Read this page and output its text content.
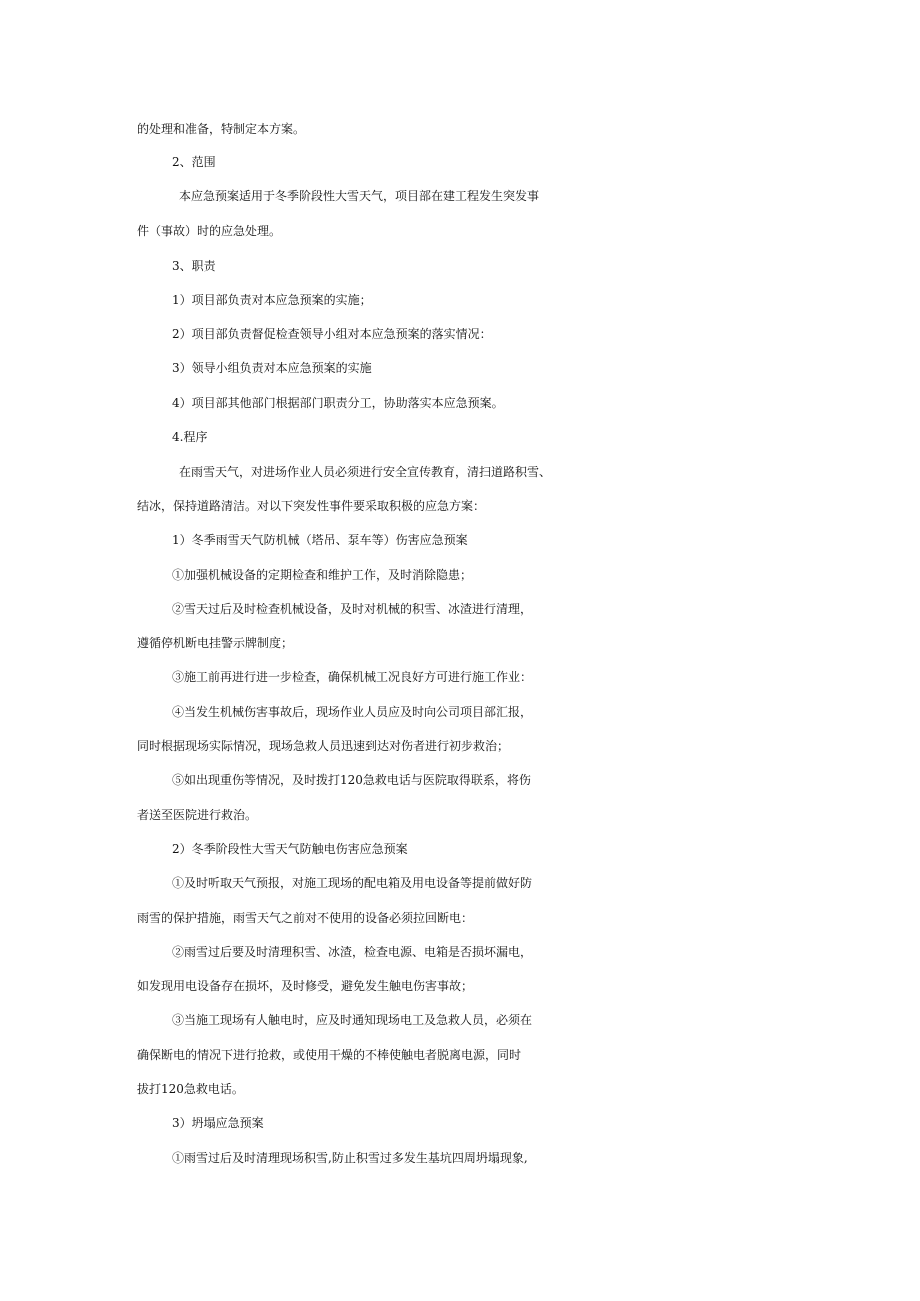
的处理和准备，特制定本方案。
2、范围
本应急预案适用于冬季阶段性大雪天气，项目部在建工程发生突发事
件（事故）时的应急处理。
3、职责
1）项目部负责对本应急预案的实施；
2）项目部负责督促检查领导小组对本应急预案的落实情况：
3）领导小组负责对本应急预案的实施
4）项目部其他部门根据部门职责分工，协助落实本应急预案。
4.程序
在雨雪天气，对进场作业人员必须进行安全宣传教育，清扫道路积雪、
结冰，保持道路清洁。对以下突发性事件要采取积极的应急方案：
1）冬季雨雪天气防机械（塔吊、泵车等）伤害应急预案
①加强机械设备的定期检查和维护工作，及时消除隐患；
②雪天过后及时检查机械设备，及时对机械的积雪、冰渣进行清理，
遵循停机断电挂警示牌制度；
③施工前再进行进一步检查，确保机械工况良好方可进行施工作业：
④当发生机械伤害事故后，现场作业人员应及时向公司项目部汇报，
同时根据现场实际情况，现场急救人员迅速到达对伤者进行初步救治；
⑤如出现重伤等情况，及时拨打120急救电话与医院取得联系，将伤
者送至医院进行救治。
2）冬季阶段性大雪天气防触电伤害应急预案
①及时听取天气预报，对施工现场的配电箱及用电设备等提前做好防
雨雪的保护措施，雨雪天气之前对不使用的设备必须拉回断电：
②雨雪过后要及时清理积雪、冰渣，检查电源、电箱是否损坏漏电，
如发现用电设备存在损坏，及时修受，避免发生触电伤害事故；
③当施工现场有人触电时，应及时通知现场电工及急救人员，必须在
确保断电的情况下进行抢救，或使用干燥的不棒使触电者脱离电源，同时
拔打120急救电话。
3）坍塌应急预案
①雨雪过后及时清理现场积雪,防止积雪过多发生基坑四周坍塌现象,
